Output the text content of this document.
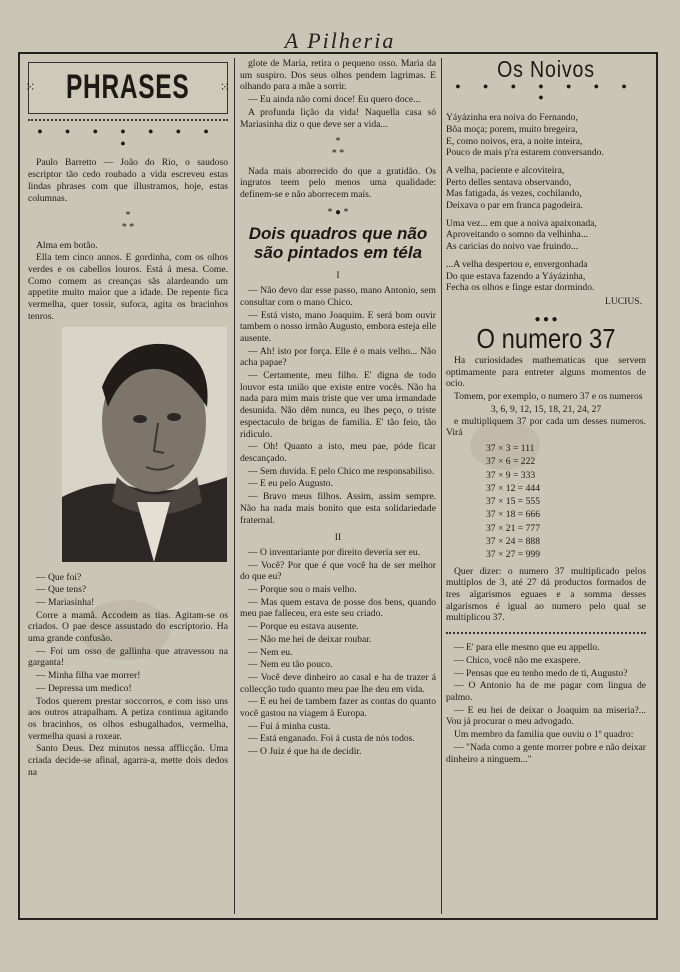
A Pilheria
⁙ PHRASES ⁙
● ● ● ● ● ● ● ●

Paulo Barretto — João do Rio, o saudoso escriptor tão cedo roubado a vida escreveu estas lindas phrases com que illustramos, hoje, estas columnas.

*
* *

Alma em botão.

Ella tem cinco annos. E gordinha, com os olhos verdes e os cabellos louros. Está á mesa. Come. Como comem as creanças sãs alardeando um appetite muito maior que a idade. De repente fica vermelha, quer tossir, sufoca, agita os bracinhos tenros.

— Que foi?

— Que tens?

— Mariasinha!

Corre a mamã. Accodem as tias. Agitam-se os criados. O pae desce assustado do escriptorio. Ha uma grande confusão.

— Foi um osso de gallinha que atravessou na garganta!

— Minha filha vae morrer!

— Depressa um medico!

Todos querem prestar soccorros, e com isso uns aos outros atrapalham. A petiza continua agitando os bracinhos, os olhos esbugalhados, vermelha, vermelha quasi a roxear.

Santo Deus. Dez minutos nessa afflicção. Uma criada decide-se afinal, agarra-a, mette dois dedos na

glote de Maria, retira o pequeno osso. Maria da um suspiro. Dos seus olhos pendem lagrimas. E olhando para a mãe a sorrir.

— Eu ainda não comi doce! Eu quero doce...

A profunda lição da vida! Naquella casa só Mariasinha diz o que deve ser a vida...

*
* *

Nada mais aborrecido do que a gratidão. Os ingratos teem pelo menos uma qualidade: definem-se e não aborrecem mais.

* ● *
Dois quadros que não são pintados em téla
I

— Não devo dar esse passo, mano Antonio, sem consultar com o mano Chico.

— Está visto, mano Joaquim. E será bom ouvir tambem o nosso irmão Augusto, embora esteja elle ausente.

— Ah! isto por força. Elle é o mais velho... Não acha papae?

— Certamente, meu filho. E' digna de todo louvor esta união que existe entre vocês. Não ha nada para mim mais triste que ver uma irmandade desunida. Não dêm nunca, eu lhes peço, o triste espectaculo de brigas de familia. E' tão feio, tão ridiculo.

— Oh! Quanto a isto, meu pae, póde ficar descançado.

— Sem duvida. E pelo Chico me responsabiliso.

— E eu pelo Augusto.

— Bravo meus filhos. Assim, assim sempre. Não ha nada mais bonito que esta solidariedade fraternal.

II

— O inventariante por direito deveria ser eu.

— Você? Por que é que você ha de ser melhor do que eu?

— Porque sou o mais velho.

— Mas quem estava de posse dos bens, quando meu pae falleceu, era este seu criado.

— Porque eu estava ausente.

— Não me hei de deixar roubar.

— Nem eu.

— Nem eu tão pouco.

— Você deve dinheiro ao casal e ha de trazer á collecção tudo quanto meu pae lhe deu em vida.

— E eu hei de tambem fazer as contas do quanto você gastou na viagem á Europa.

— Fui á minha custa.

— Está enganado. Foi á custa de nós todos.

— O Juiz é que ha de decidir.

Os Noivos
● ● ● ● ● ● ● ●
Yáyázinha era noiva do Fernando,
Bôa moça; porem, muito bregeira,
E, como noivos, era, a noite inteira,
Pouco de mais p'ra estarem conversando.
A velha, paciente e alcoviteira,
Perto delles sentava observando,
Mas fatigada, ás vezes, cochilando,
Deixava o par em franca pagodeira.
Uma vez... em que a noiva apaixonada,
Aproveitando o somno da velhinha...
As caricias do noivo vae fruindo...
...A velha despertou e, envergonhada
Do que estava fazendo a Yáyázinha,
Fecha os olhos e finge estar dormindo.
LUCIUS.
● ● ●
O numero 37

Ha curiosidades mathematicas que servem optimamente para entreter alguns momentos de ocio.

Tomem, por exemplo, o numero 37 e os numeros

3, 6, 9, 12, 15, 18, 21, 24, 27

e multipliquem 37 por cada um desses numeros. Virá

37 × 3 = 111
37 × 6 = 222
37 × 9 = 333
37 × 12 = 444
37 × 15 = 555
37 × 18 = 666
37 × 21 = 777
37 × 24 = 888
37 × 27 = 999

Quer dizer: o numero 37 multiplicado pelos multiplos de 3, até 27 dá productos formados de tres algarismos eguaes e a somma desses algarismos é igual ao numero pelo qual se multiplicou 37.

— E' para elle mesmo que eu appello.

— Chico, você não me exaspere.

— Pensas que eu tenho medo de ti, Augusto?

— O Antonio ha de me pagar com lingua de palmo.

— E eu hei de deixar o Joaquim na miseria?... Vou já procurar o meu advogado.

Um membro da familia que ouviu o 1º quadro:

— "Nada como a gente morrer pobre e não deixar dinheiro a ninguem..."
